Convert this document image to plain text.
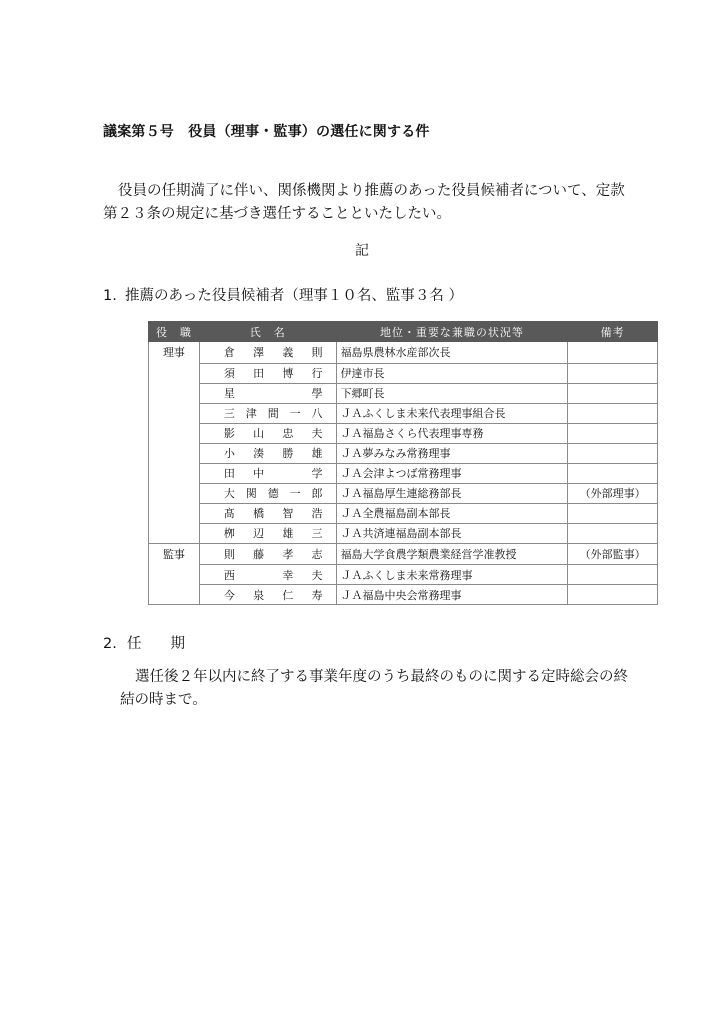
議案第５号　役員（理事・監事）の選任に関する件
役員の任期満了に伴い、関係機関より推薦のあった役員候補者について、定款第２３条の規定に基づき選任することといたしたい。
記
1. 推薦のあった役員候補者（理事１０名、監事３名 ）
役　職	氏　名	地位・重要な兼職の状況等	備考
理事	倉澤義則	福島県農林水産部次長	

	須田博行	伊達市長	

	星　　學	下郷町長	

	三津間一八	ＪＡふくしま未来代表理事組合長	

	影山忠夫	ＪＡ福島さくら代表理事専務	

	小湊勝雄	ＪＡ夢みなみ常務理事	

	田中　学	ＪＡ会津よつば常務理事	

	大関德一郎	ＪＡ福島厚生連総務部長	（外部理事）

	髙橋智浩	ＪＡ全農福島副本部長	

	栁辺雄三	ＪＡ共済連福島副本部長	
監事	則藤孝志	福島大学食農学類農業経営学准教授	（外部監事）

	西　幸夫	ＪＡふくしま未来常務理事	

	今泉仁寿	ＪＡ福島中央会常務理事	
2. 任　　期
選任後２年以内に終了する事業年度のうち最終のものに関する定時総会の終結の時まで。
